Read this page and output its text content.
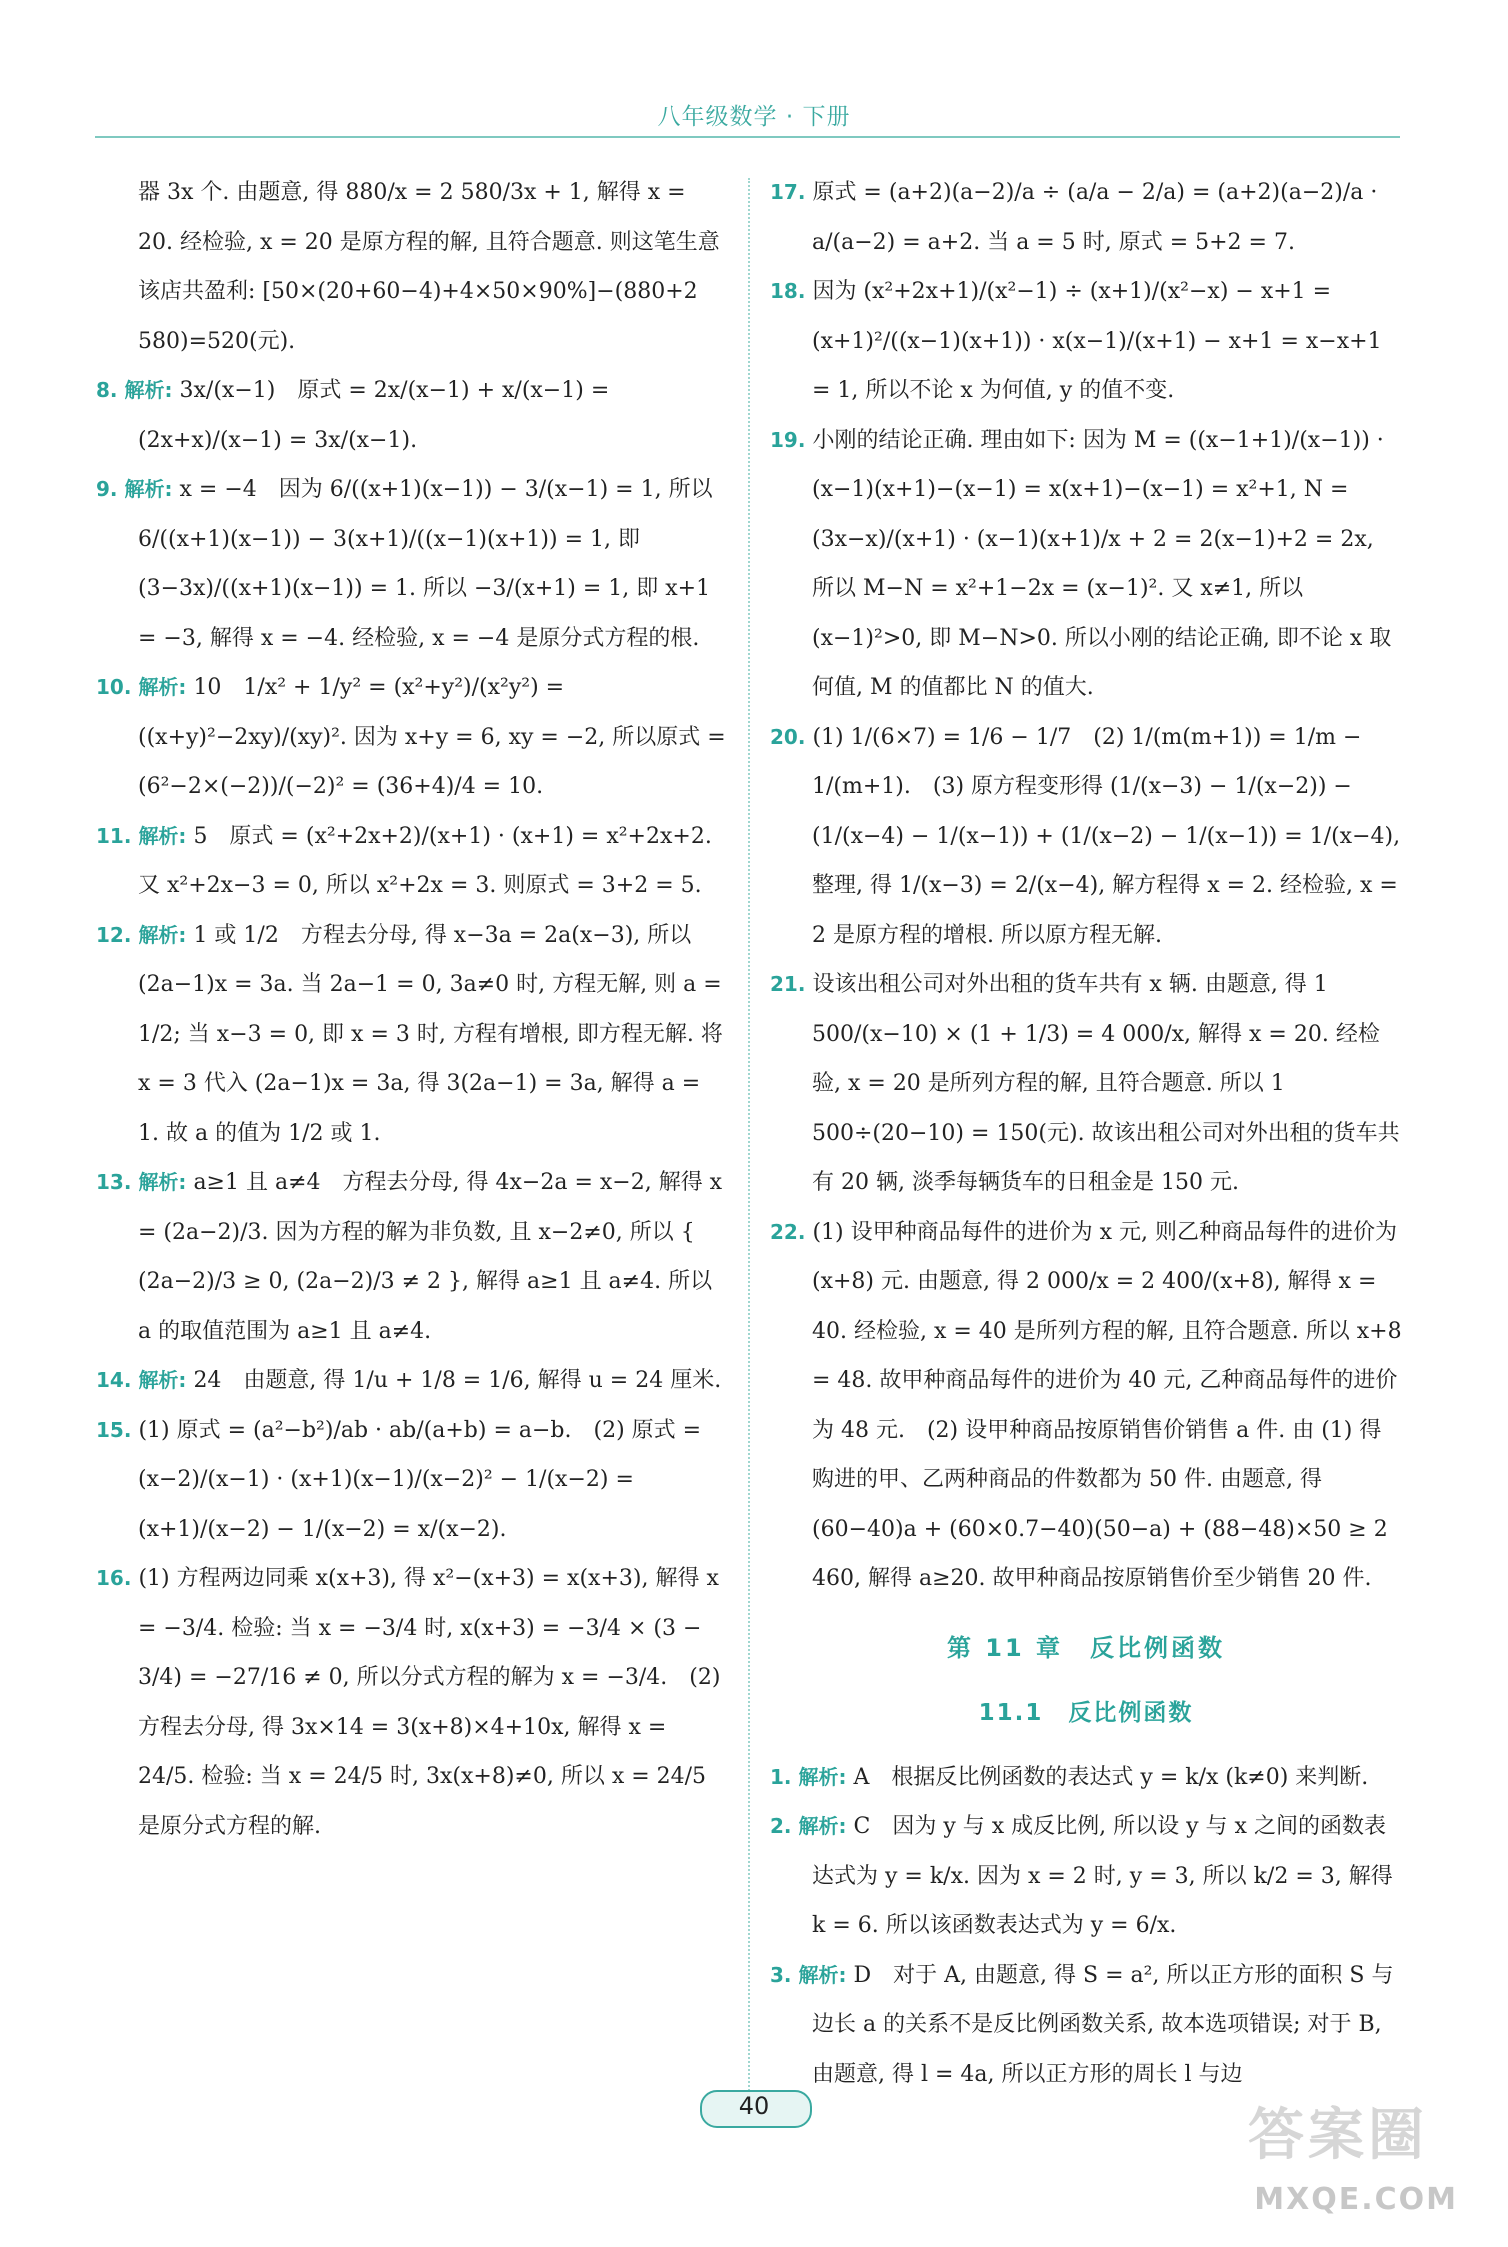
八年级数学 · 下册

器 3x 个. 由题意, 得 880/x = 2 580/3x + 1, 解得 x = 20. 经检验, x = 20 是原方程的解, 且符合题意. 则这笔生意该店共盈利: [50×(20+60−4)+4×50×90%]−(880+2 580)=520(元).

8. 解析: 3x/(x−1)　原式 = 2x/(x−1) + x/(x−1) = (2x+x)/(x−1) = 3x/(x−1).

9. 解析: x = −4　因为 6/((x+1)(x−1)) − 3/(x−1) = 1, 所以 6/((x+1)(x−1)) − 3(x+1)/((x−1)(x+1)) = 1, 即 (3−3x)/((x+1)(x−1)) = 1. 所以 −3/(x+1) = 1, 即 x+1 = −3, 解得 x = −4. 经检验, x = −4 是原分式方程的根.

10. 解析: 10　1/x² + 1/y² = (x²+y²)/(x²y²) = ((x+y)²−2xy)/(xy)². 因为 x+y = 6, xy = −2, 所以原式 = (6²−2×(−2))/(−2)² = (36+4)/4 = 10.

11. 解析: 5　原式 = (x²+2x+2)/(x+1) · (x+1) = x²+2x+2. 又 x²+2x−3 = 0, 所以 x²+2x = 3. 则原式 = 3+2 = 5.

12. 解析: 1 或 1/2　方程去分母, 得 x−3a = 2a(x−3), 所以 (2a−1)x = 3a. 当 2a−1 = 0, 3a≠0 时, 方程无解, 则 a = 1/2; 当 x−3 = 0, 即 x = 3 时, 方程有增根, 即方程无解. 将 x = 3 代入 (2a−1)x = 3a, 得 3(2a−1) = 3a, 解得 a = 1. 故 a 的值为 1/2 或 1.

13. 解析: a≥1 且 a≠4　方程去分母, 得 4x−2a = x−2, 解得 x = (2a−2)/3. 因为方程的解为非负数, 且 x−2≠0, 所以 { (2a−2)/3 ≥ 0, (2a−2)/3 ≠ 2 }, 解得 a≥1 且 a≠4. 所以 a 的取值范围为 a≥1 且 a≠4.

14. 解析: 24　由题意, 得 1/u + 1/8 = 1/6, 解得 u = 24 厘米.

15. (1) 原式 = (a²−b²)/ab · ab/(a+b) = a−b.　(2) 原式 = (x−2)/(x−1) · (x+1)(x−1)/(x−2)² − 1/(x−2) = (x+1)/(x−2) − 1/(x−2) = x/(x−2).

16. (1) 方程两边同乘 x(x+3), 得 x²−(x+3) = x(x+3), 解得 x = −3/4. 检验: 当 x = −3/4 时, x(x+3) = −3/4 × (3 − 3/4) = −27/16 ≠ 0, 所以分式方程的解为 x = −3/4.　(2) 方程去分母, 得 3x×14 = 3(x+8)×4+10x, 解得 x = 24/5. 检验: 当 x = 24/5 时, 3x(x+8)≠0, 所以 x = 24/5 是原分式方程的解.

17. 原式 = (a+2)(a−2)/a ÷ (a/a − 2/a) = (a+2)(a−2)/a · a/(a−2) = a+2. 当 a = 5 时, 原式 = 5+2 = 7.

18. 因为 (x²+2x+1)/(x²−1) ÷ (x+1)/(x²−x) − x+1 = (x+1)²/((x−1)(x+1)) · x(x−1)/(x+1) − x+1 = x−x+1 = 1, 所以不论 x 为何值, y 的值不变.

19. 小刚的结论正确. 理由如下: 因为 M = ((x−1+1)/(x−1)) · (x−1)(x+1)−(x−1) = x(x+1)−(x−1) = x²+1, N = (3x−x)/(x+1) · (x−1)(x+1)/x + 2 = 2(x−1)+2 = 2x, 所以 M−N = x²+1−2x = (x−1)². 又 x≠1, 所以 (x−1)²>0, 即 M−N>0. 所以小刚的结论正确, 即不论 x 取何值, M 的值都比 N 的值大.

20. (1) 1/(6×7) = 1/6 − 1/7　(2) 1/(m(m+1)) = 1/m − 1/(m+1).　(3) 原方程变形得 (1/(x−3) − 1/(x−2)) − (1/(x−4) − 1/(x−1)) + (1/(x−2) − 1/(x−1)) = 1/(x−4), 整理, 得 1/(x−3) = 2/(x−4), 解方程得 x = 2. 经检验, x = 2 是原方程的增根. 所以原方程无解.

21. 设该出租公司对外出租的货车共有 x 辆. 由题意, 得 1 500/(x−10) × (1 + 1/3) = 4 000/x, 解得 x = 20. 经检验, x = 20 是所列方程的解, 且符合题意. 所以 1 500÷(20−10) = 150(元). 故该出租公司对外出租的货车共有 20 辆, 淡季每辆货车的日租金是 150 元.

22. (1) 设甲种商品每件的进价为 x 元, 则乙种商品每件的进价为 (x+8) 元. 由题意, 得 2 000/x = 2 400/(x+8), 解得 x = 40. 经检验, x = 40 是所列方程的解, 且符合题意. 所以 x+8 = 48. 故甲种商品每件的进价为 40 元, 乙种商品每件的进价为 48 元.　(2) 设甲种商品按原销售价销售 a 件. 由 (1) 得购进的甲、乙两种商品的件数都为 50 件. 由题意, 得 (60−40)a + (60×0.7−40)(50−a) + (88−48)×50 ≥ 2 460, 解得 a≥20. 故甲种商品按原销售价至少销售 20 件.

第 11 章　反比例函数
11.1　反比例函数

1. 解析: A　根据反比例函数的表达式 y = k/x (k≠0) 来判断.

2. 解析: C　因为 y 与 x 成反比例, 所以设 y 与 x 之间的函数表达式为 y = k/x. 因为 x = 2 时, y = 3, 所以 k/2 = 3, 解得 k = 6. 所以该函数表达式为 y = 6/x.

3. 解析: D　对于 A, 由题意, 得 S = a², 所以正方形的面积 S 与边长 a 的关系不是反比例函数关系, 故本选项错误; 对于 B, 由题意, 得 l = 4a, 所以正方形的周长 l 与边

40	答案圈
MXQE.COM
